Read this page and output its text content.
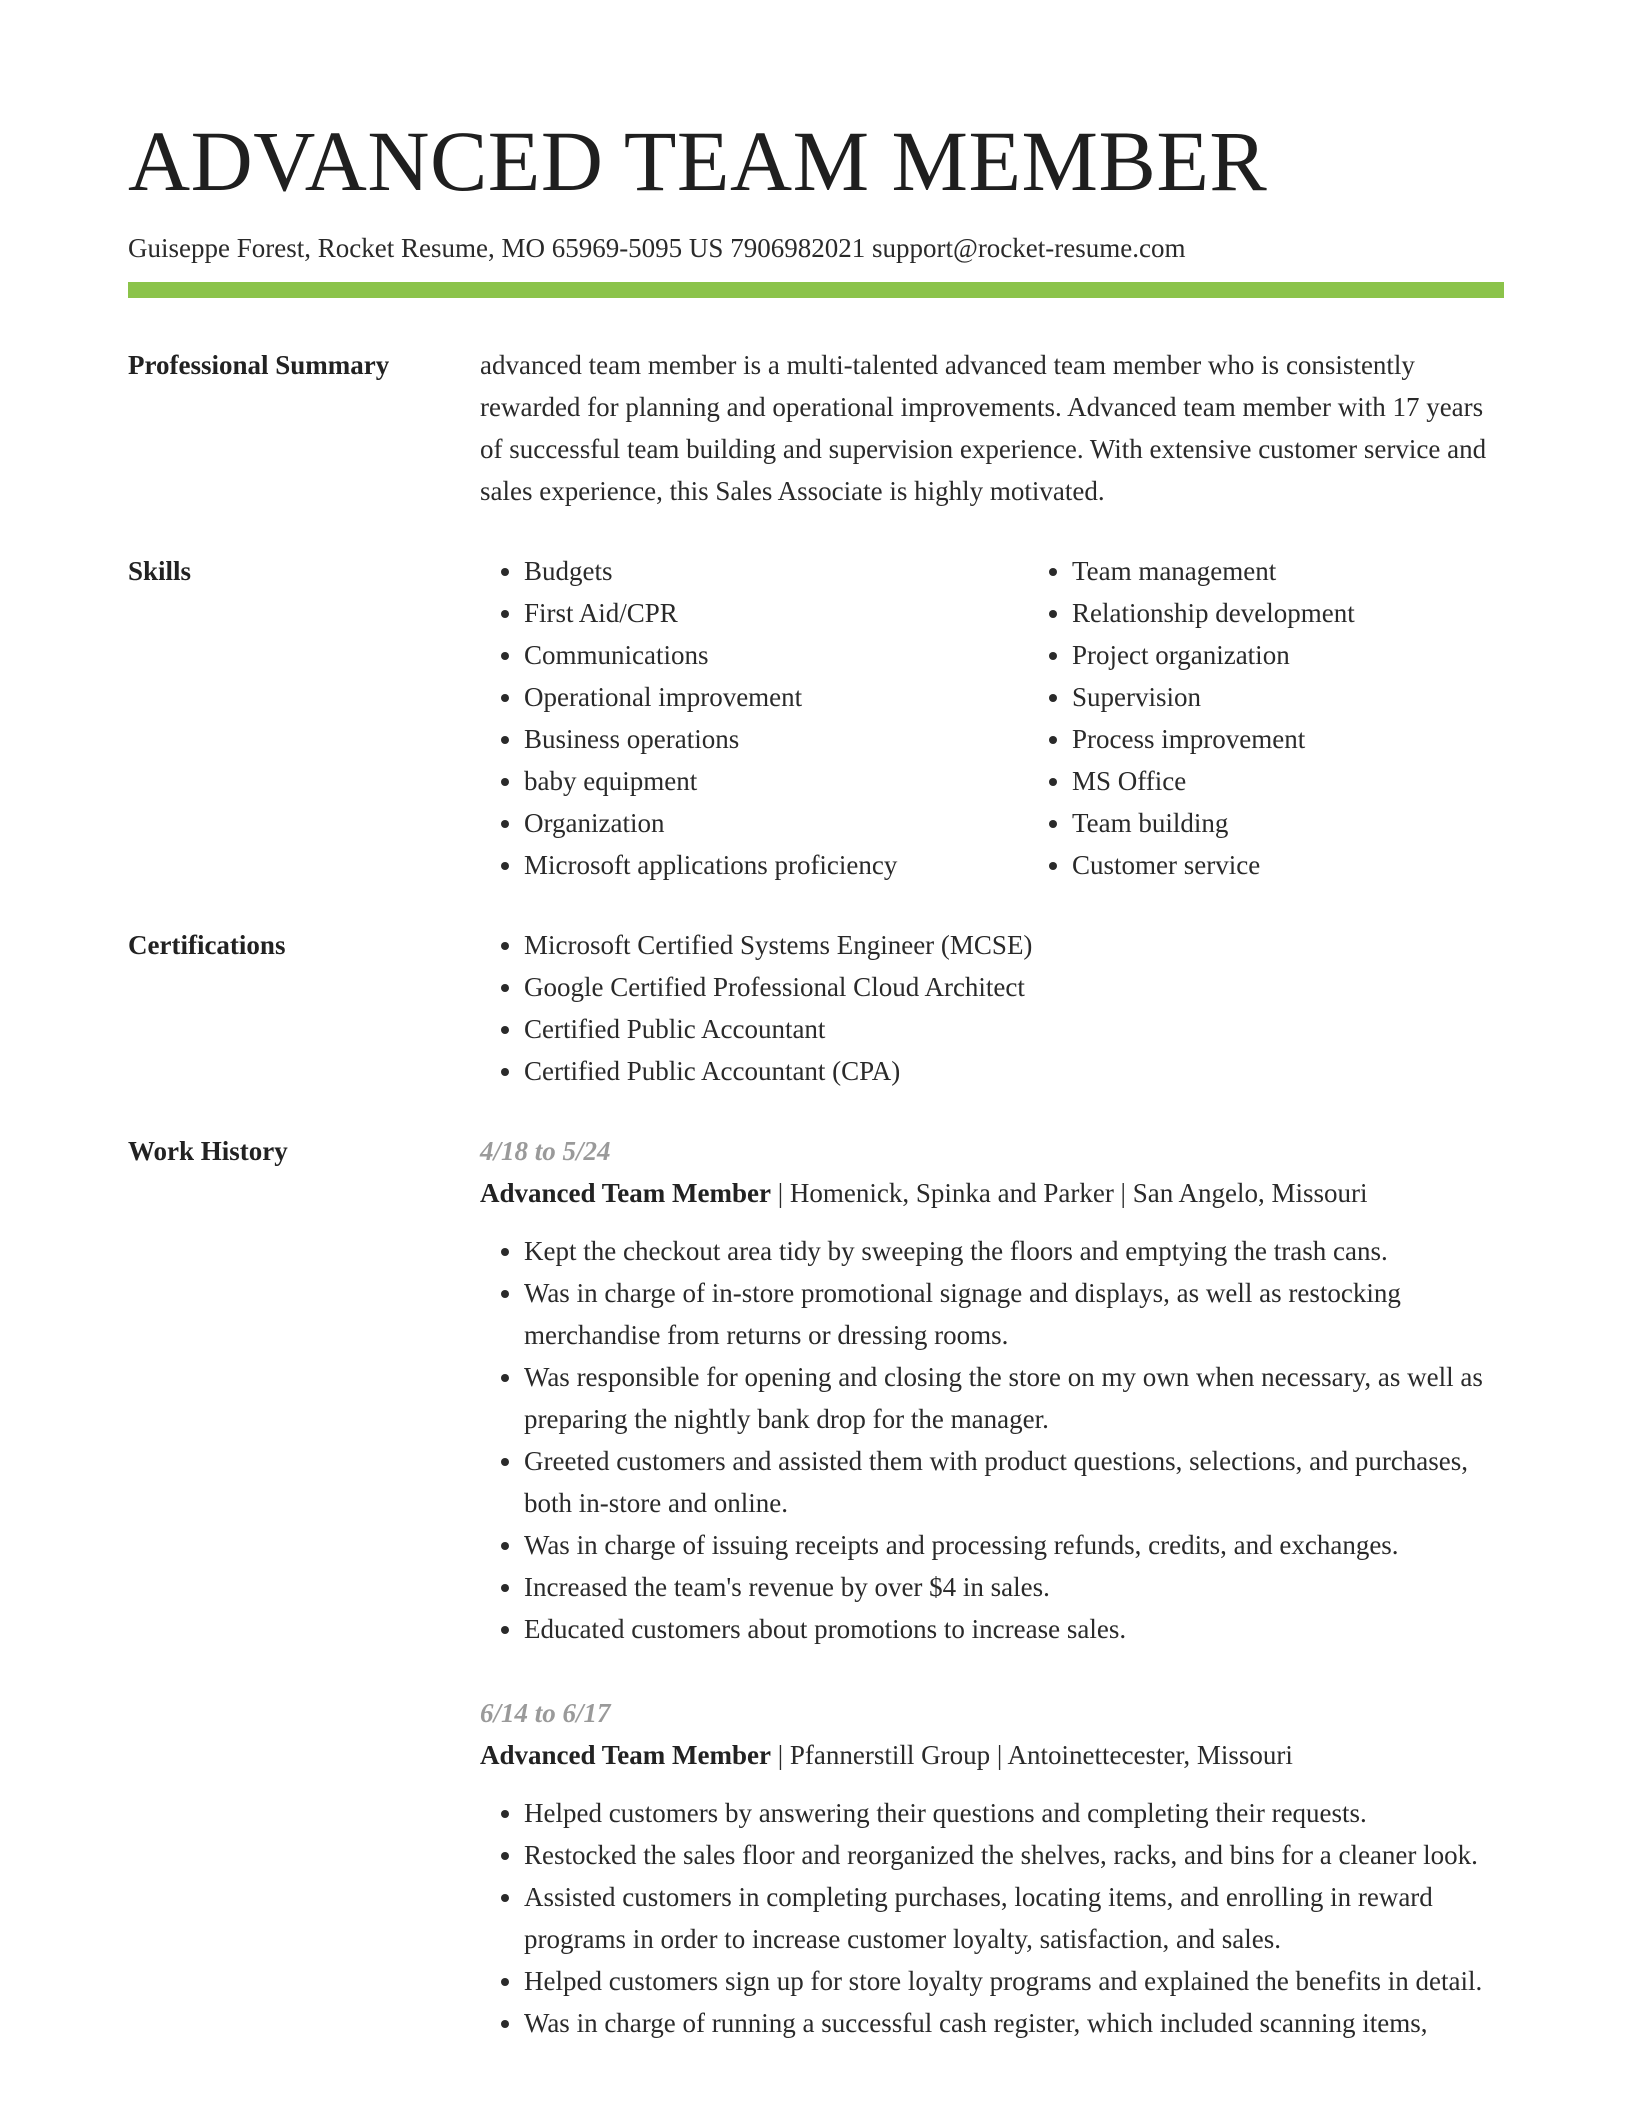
ADVANCED TEAM MEMBER
Guiseppe Forest, Rocket Resume, MO 65969-5095 US 7906982021 support@rocket-resume.com
Professional Summary	advanced team member is a multi-talented advanced team member who is consistently rewarded for planning and operational improvements. Advanced team member with 17 years of successful team building and supervision experience. With extensive customer service and sales experience, this Sales Associate is highly motivated.

Skills	• Budgets
• First Aid/CPR
• Communications
• Operational improvement
• Business operations
• baby equipment
• Organization
• Microsoft applications proficiency
• Team management
• Relationship development
• Project organization
• Supervision
• Process improvement
• MS Office
• Team building
• Customer service
Certifications	• Microsoft Certified Systems Engineer (MCSE)
• Google Certified Professional Cloud Architect
• Certified Public Accountant
• Certified Public Accountant (CPA)
Work History	4/18 to 5/24
Advanced Team Member | Homenick, Spinka and Parker | San Angelo, Missouri
• Kept the checkout area tidy by sweeping the floors and emptying the trash cans.
• Was in charge of in-store promotional signage and displays, as well as restocking merchandise from returns or dressing rooms.
• Was responsible for opening and closing the store on my own when necessary, as well as preparing the nightly bank drop for the manager.
• Greeted customers and assisted them with product questions, selections, and purchases, both in-store and online.
• Was in charge of issuing receipts and processing refunds, credits, and exchanges.
• Increased the team's revenue by over $4 in sales.
• Educated customers about promotions to increase sales.
6/14 to 6/17
Advanced Team Member | Pfannerstill Group | Antoinettecester, Missouri
• Helped customers by answering their questions and completing their requests.
• Restocked the sales floor and reorganized the shelves, racks, and bins for a cleaner look.
• Assisted customers in completing purchases, locating items, and enrolling in reward programs in order to increase customer loyalty, satisfaction, and sales.
• Helped customers sign up for store loyalty programs and explained the benefits in detail.
• Was in charge of running a successful cash register, which included scanning items,
